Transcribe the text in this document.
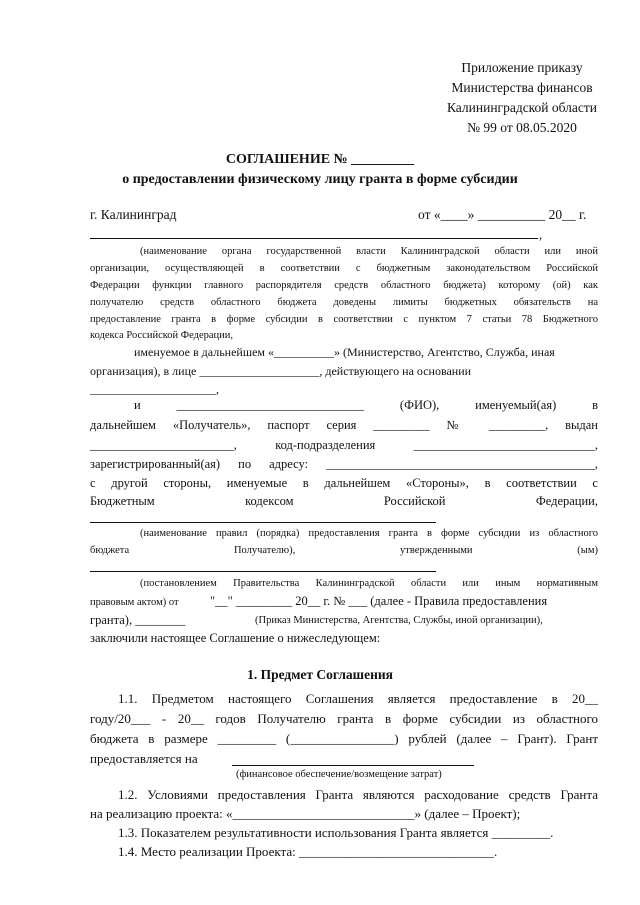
Приложение приказу
Министерства финансов
Калининградской области
№ 99 от 08.05.2020
СОГЛАШЕНИЕ № _________
о предоставлении физическому лицу гранта в форме субсидии
г. Калининград	от «____» __________ 20__ г.
,
(наименование органа государственной власти Калининградской области или иной
организации, осуществляющей в соответствии с бюджетным законодательством Российской
Федерации функции главного распорядителя средств областного бюджета) которому (ой) как
получателю средств областного бюджета доведены лимиты бюджетных обязательств на
предоставление гранта в форме субсидии в соответствии с пунктом 7 статьи 78 Бюджетного
кодекса Российской Федерации,
именуемое в дальнейшем «__________» (Министерство, Агентство, Служба, иная
организация), в лице ____________________, действующего на основании
_____________________,
и ______________________________ (ФИО), именуемый(ая) в
дальнейшем «Получатель», паспорт серия _________ № _________, выдан
_______________________, код-подразделения _____________________________,
зарегистрированный(ая) по адресу: ___________________________________________,
с другой стороны, именуемые в дальнейшем «Стороны», в соответствии с
Бюджетным кодексом Российской Федерации,
(наименование правил (порядка) предоставления гранта в форме субсидии из областного
бюджета Получателю), утвержденными (ым)
(постановлением Правительства Калининградской области или иным нормативным
правовым актом) от	"__" _________ 20__ г. № ___ (далее - Правила предоставления
гранта), ________	(Приказ Министерства, Агентства, Службы, иной организации),
заключили настоящее Соглашение о нижеследующем:
1. Предмет Соглашения
1.1. Предметом настоящего Соглашения является предоставление в 20__
году/20___ - 20__ годов Получателю гранта в форме субсидии из областного
бюджета в размере _________ (________________) рублей (далее – Грант). Грант
предоставляется на
(финансовое обеспечение/возмещение затрат)
1.2. Условиями предоставления Гранта являются расходование средств Гранта
на реализацию проекта: «____________________________» (далее – Проект);
1.3. Показателем результативности использования Гранта является _________.
1.4. Место реализации Проекта: ______________________________.
